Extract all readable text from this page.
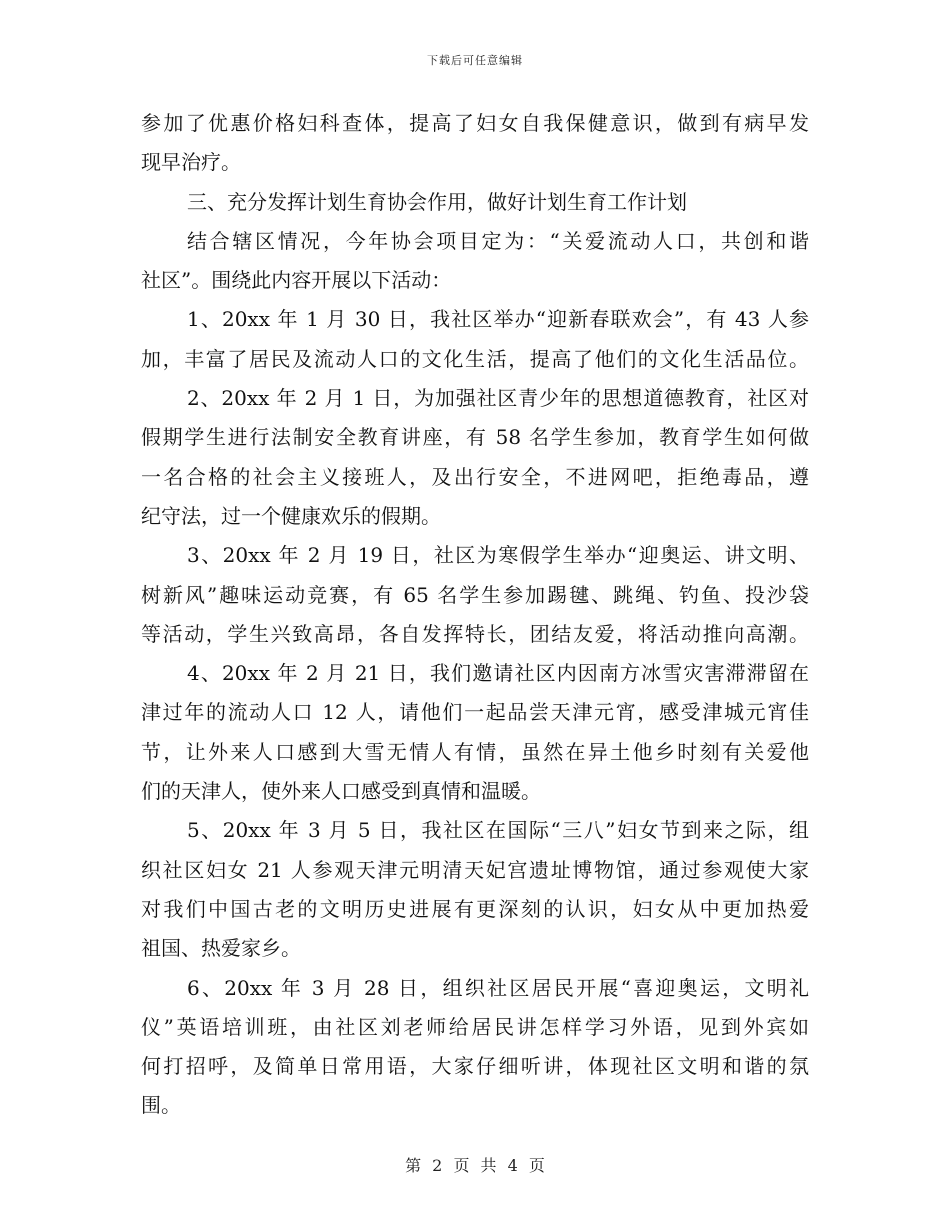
下载后可任意编辑
参加了优惠价格妇科查体，提高了妇女自我保健意识，做到有病早发
现早治疗。
三、充分发挥计划生育协会作用，做好计划生育工作计划
结合辖区情况，今年协会项目定为：“关爱流动人口，共创和谐
社区”。围绕此内容开展以下活动：
1、20xx 年 1 月 30 日，我社区举办“迎新春联欢会”，有 43 人参
加，丰富了居民及流动人口的文化生活，提高了他们的文化生活品位。
2、20xx 年 2 月 1 日，为加强社区青少年的思想道德教育，社区对
假期学生进行法制安全教育讲座，有 58 名学生参加，教育学生如何做
一名合格的社会主义接班人，及出行安全，不进网吧，拒绝毒品，遵
纪守法，过一个健康欢乐的假期。
3、20xx 年 2 月 19 日，社区为寒假学生举办“迎奥运、讲文明、
树新风”趣味运动竞赛，有 65 名学生参加踢毽、跳绳、钓鱼、投沙袋
等活动，学生兴致高昂，各自发挥特长，团结友爱，将活动推向高潮。
4、20xx 年 2 月 21 日，我们邀请社区内因南方冰雪灾害滞滞留在
津过年的流动人口 12 人，请他们一起品尝天津元宵，感受津城元宵佳
节，让外来人口感到大雪无情人有情，虽然在异土他乡时刻有关爱他
们的天津人，使外来人口感受到真情和温暖。
5、20xx 年 3 月 5 日，我社区在国际“三八”妇女节到来之际，组
织社区妇女 21 人参观天津元明清天妃宫遗址博物馆，通过参观使大家
对我们中国古老的文明历史进展有更深刻的认识，妇女从中更加热爱
祖国、热爱家乡。
6、20xx 年 3 月 28 日，组织社区居民开展“喜迎奥运，文明礼
仪”英语培训班，由社区刘老师给居民讲怎样学习外语，见到外宾如
何打招呼，及简单日常用语，大家仔细听讲，体现社区文明和谐的氛
围。
第 2 页 共 4 页
